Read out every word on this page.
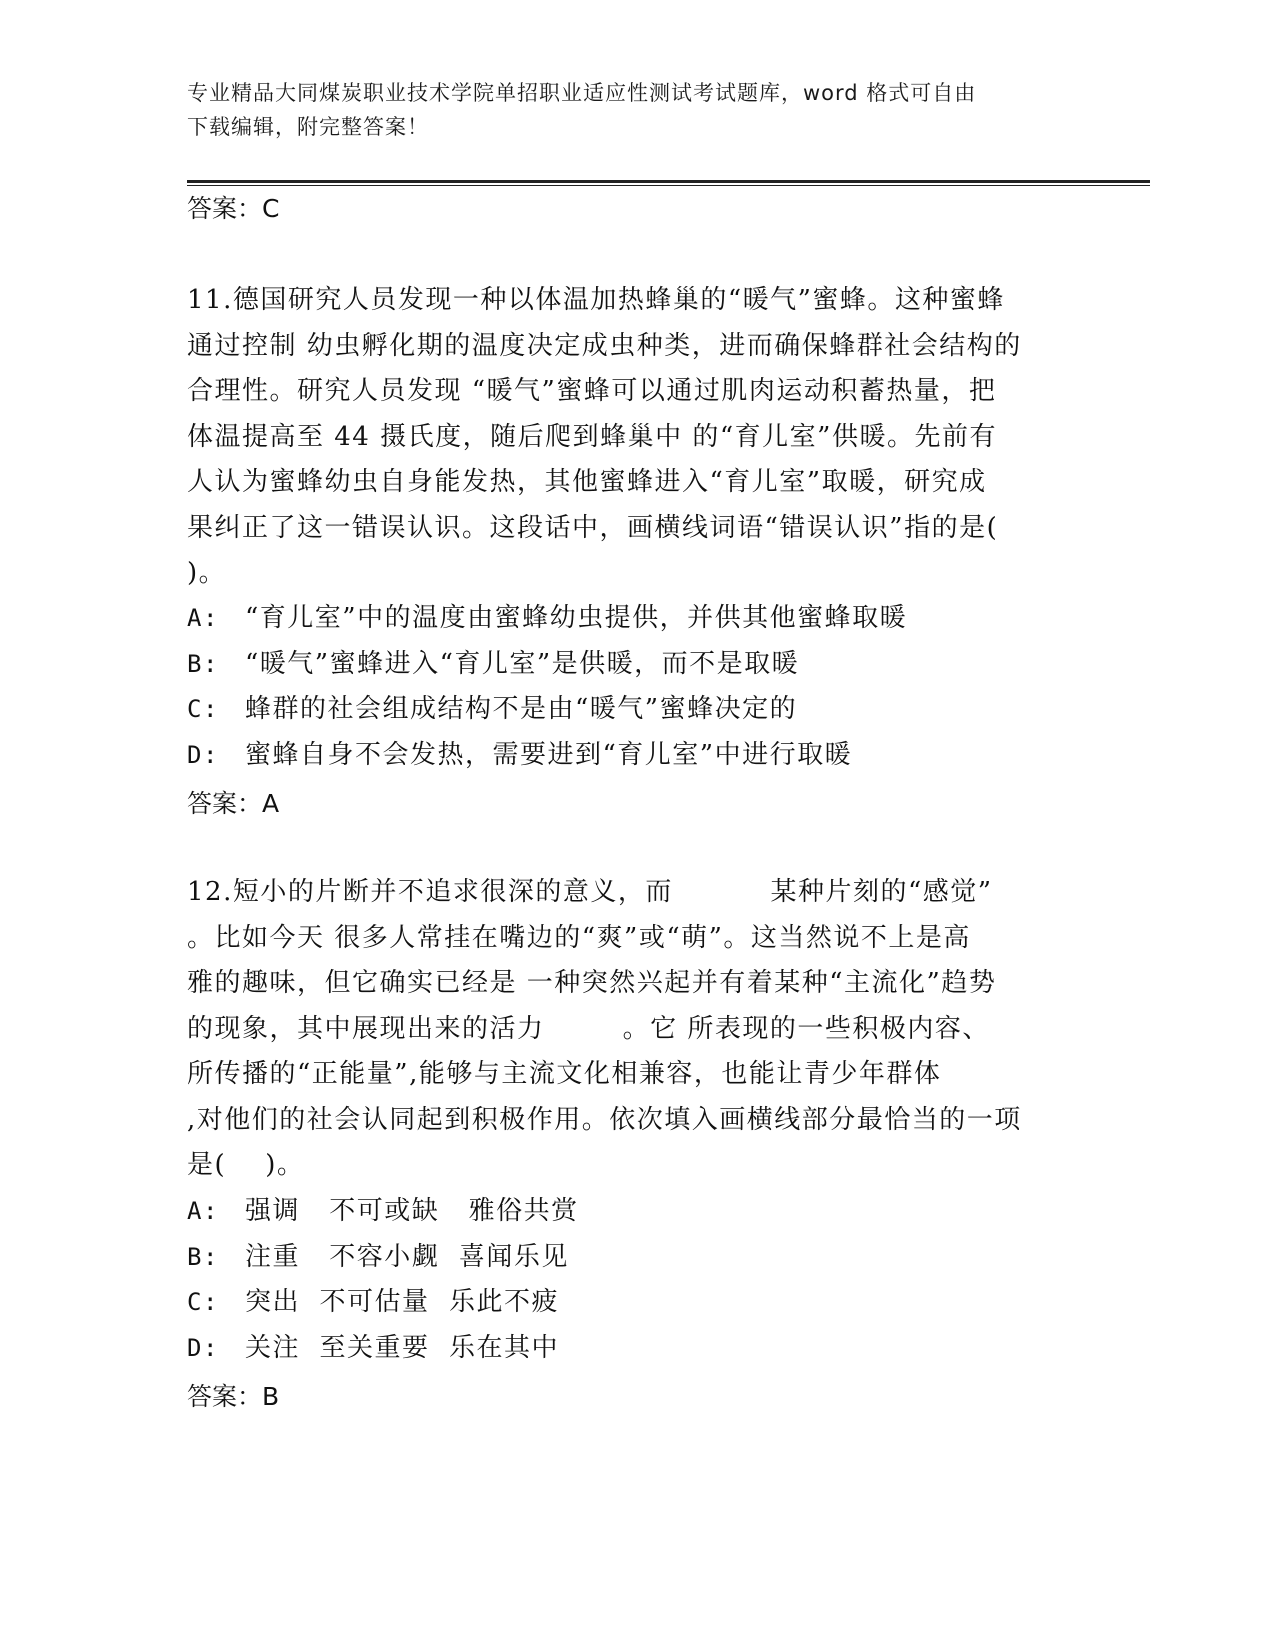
专业精品大同煤炭职业技术学院单招职业适应性测试考试题库，word 格式可自由
下载编辑，附完整答案！
答案：C
11.德国研究人员发现一种以体温加热蜂巢的“暖气”蜜蜂。这种蜜蜂
通过控制 幼虫孵化期的温度决定成虫种类，进而确保蜂群社会结构的
合理性。研究人员发现 “暖气”蜜蜂可以通过肌肉运动积蓄热量，把
体温提高至 44 摄氏度，随后爬到蜂巢中 的“育儿室”供暖。先前有
人认为蜜蜂幼虫自身能发热，其他蜜蜂进入“育儿室”取暖，研究成
果纠正了这一错误认识。这段话中，画横线词语“错误认识”指的是(
)。
A: “育儿室”中的温度由蜜蜂幼虫提供，并供其他蜜蜂取暖
B: “暖气”蜜蜂进入“育儿室”是供暖，而不是取暖
C: 蜂群的社会组成结构不是由“暖气”蜜蜂决定的
D: 蜜蜂自身不会发热，需要进到“育儿室”中进行取暖
答案：A
12.短小的片断并不追求很深的意义，而          某种片刻的“感觉”
。比如今天 很多人常挂在嘴边的“爽”或“萌”。这当然说不上是高
雅的趣味，但它确实已经是 一种突然兴起并有着某种“主流化”趋势
的现象，其中展现出来的活力        。它 所表现的一些积极内容、
所传播的“正能量”,能够与主流文化相兼容，也能让青少年群体
,对他们的社会认同起到积极作用。依次填入画横线部分最恰当的一项
是(    )。
A: 强调   不可或缺   雅俗共赏
B: 注重   不容小觑  喜闻乐见
C: 突出  不可估量  乐此不疲
D: 关注  至关重要  乐在其中
答案：B
